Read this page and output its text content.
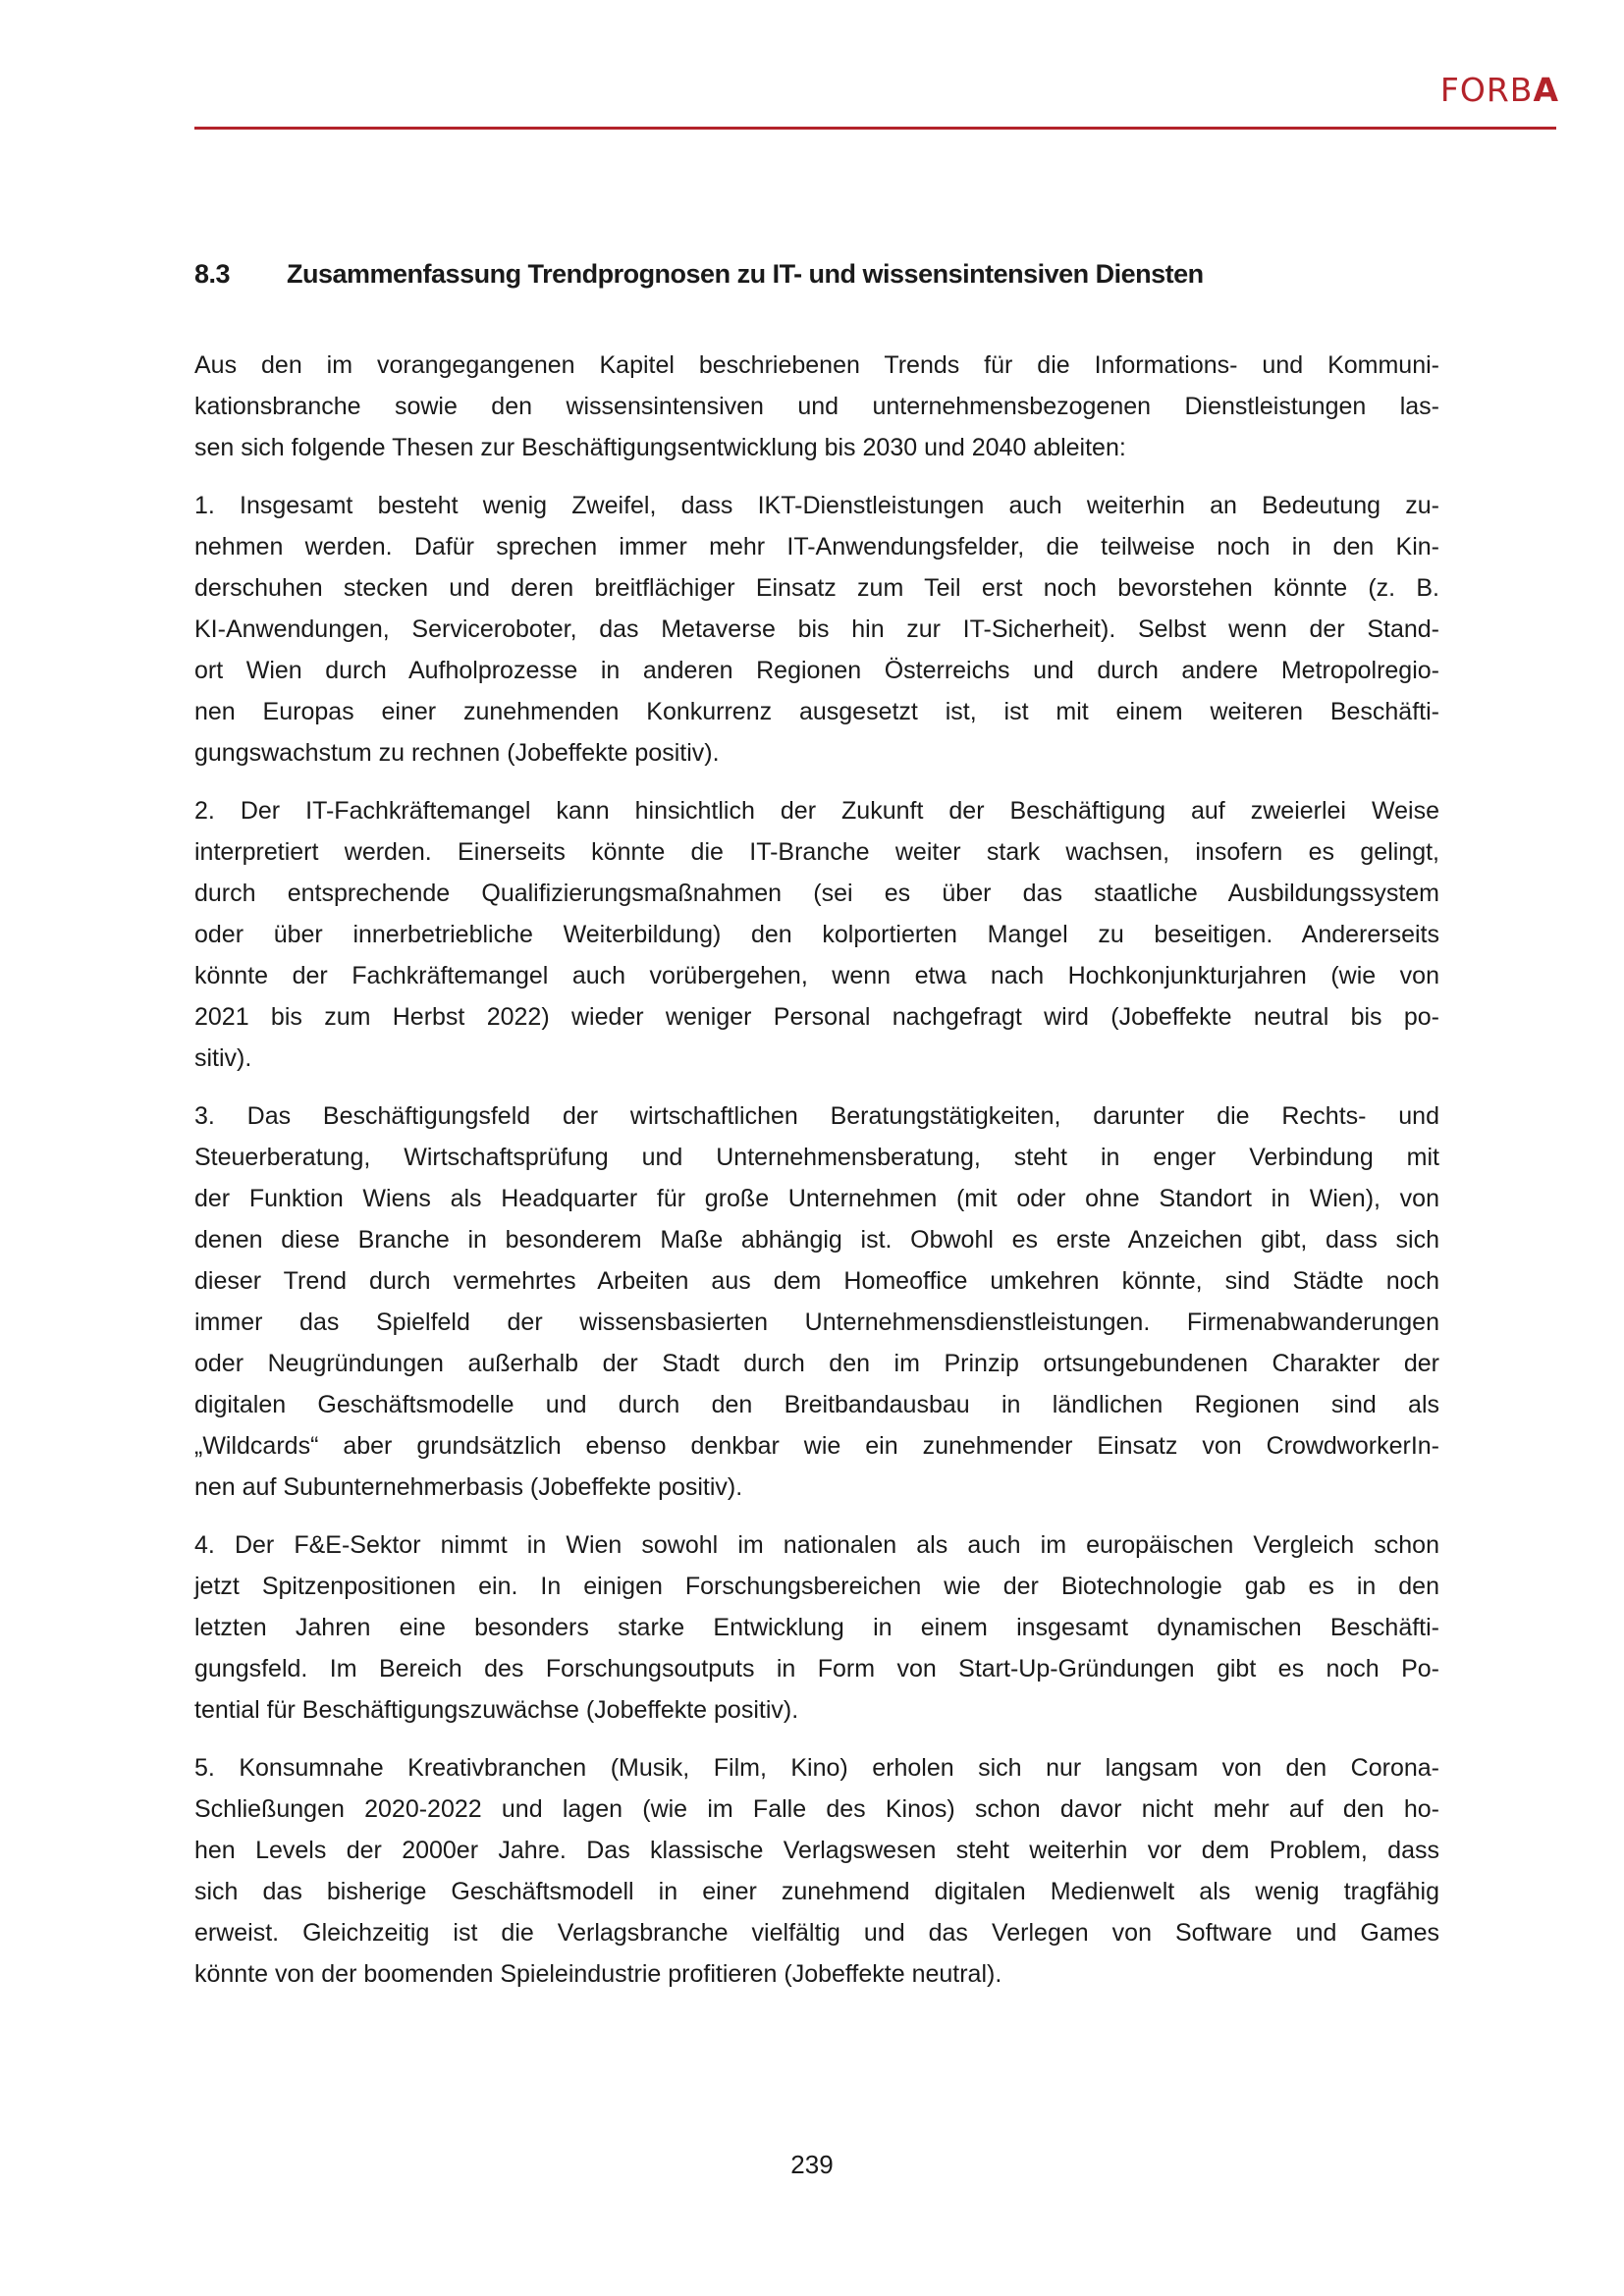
FORBA
8.3 Zusammenfassung Trendprognosen zu IT- und wissensintensiven Diensten

Aus den im vorangegangenen Kapitel beschriebenen Trends für die Informations- und Kommuni-
kationsbranche sowie den wissensintensiven und unternehmensbezogenen Dienstleistungen las-
sen sich folgende Thesen zur Beschäftigungsentwicklung bis 2030 und 2040 ableiten:

1. Insgesamt besteht wenig Zweifel, dass IKT-Dienstleistungen auch weiterhin an Bedeutung zu-
nehmen werden. Dafür sprechen immer mehr IT-Anwendungsfelder, die teilweise noch in den Kin-
derschuhen stecken und deren breitflächiger Einsatz zum Teil erst noch bevorstehen könnte (z. B.
KI-Anwendungen, Serviceroboter, das Metaverse bis hin zur IT-Sicherheit). Selbst wenn der Stand-
ort Wien durch Aufholprozesse in anderen Regionen Österreichs und durch andere Metropolregio-
nen Europas einer zunehmenden Konkurrenz ausgesetzt ist, ist mit einem weiteren Beschäfti-
gungswachstum zu rechnen (Jobeffekte positiv).

2. Der IT-Fachkräftemangel kann hinsichtlich der Zukunft der Beschäftigung auf zweierlei Weise
interpretiert werden. Einerseits könnte die IT-Branche weiter stark wachsen, insofern es gelingt,
durch entsprechende Qualifizierungsmaßnahmen (sei es über das staatliche Ausbildungssystem
oder über innerbetriebliche Weiterbildung) den kolportierten Mangel zu beseitigen. Andererseits
könnte der Fachkräftemangel auch vorübergehen, wenn etwa nach Hochkonjunkturjahren (wie von
2021 bis zum Herbst 2022) wieder weniger Personal nachgefragt wird (Jobeffekte neutral bis po-
sitiv).

3. Das Beschäftigungsfeld der wirtschaftlichen Beratungstätigkeiten, darunter die Rechts- und
Steuerberatung, Wirtschaftsprüfung und Unternehmensberatung, steht in enger Verbindung mit
der Funktion Wiens als Headquarter für große Unternehmen (mit oder ohne Standort in Wien), von
denen diese Branche in besonderem Maße abhängig ist. Obwohl es erste Anzeichen gibt, dass sich
dieser Trend durch vermehrtes Arbeiten aus dem Homeoffice umkehren könnte, sind Städte noch
immer das Spielfeld der wissensbasierten Unternehmensdienstleistungen. Firmenabwanderungen
oder Neugründungen außerhalb der Stadt durch den im Prinzip ortsungebundenen Charakter der
digitalen Geschäftsmodelle und durch den Breitbandausbau in ländlichen Regionen sind als
„Wildcards“ aber grundsätzlich ebenso denkbar wie ein zunehmender Einsatz von CrowdworkerIn-
nen auf Subunternehmerbasis (Jobeffekte positiv).

4. Der F&E-Sektor nimmt in Wien sowohl im nationalen als auch im europäischen Vergleich schon
jetzt Spitzenpositionen ein. In einigen Forschungsbereichen wie der Biotechnologie gab es in den
letzten Jahren eine besonders starke Entwicklung in einem insgesamt dynamischen Beschäfti-
gungsfeld. Im Bereich des Forschungsoutputs in Form von Start-Up-Gründungen gibt es noch Po-
tential für Beschäftigungszuwächse (Jobeffekte positiv).

5. Konsumnahe Kreativbranchen (Musik, Film, Kino) erholen sich nur langsam von den Corona-
Schließungen 2020-2022 und lagen (wie im Falle des Kinos) schon davor nicht mehr auf den ho-
hen Levels der 2000er Jahre. Das klassische Verlagswesen steht weiterhin vor dem Problem, dass
sich das bisherige Geschäftsmodell in einer zunehmend digitalen Medienwelt als wenig tragfähig
erweist. Gleichzeitig ist die Verlagsbranche vielfältig und das Verlegen von Software und Games
könnte von der boomenden Spieleindustrie profitieren (Jobeffekte neutral).

239
